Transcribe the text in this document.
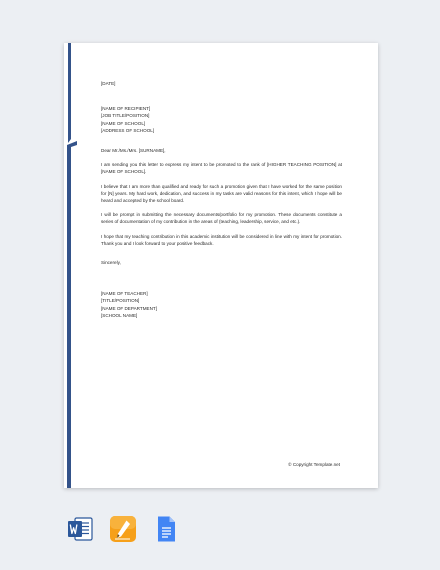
[DATE]
[NAME OF RECIPIENT]
[JOB TITLE/POSITION]
[NAME OF SCHOOL]
[ADDRESS OF SCHOOL]
Dear Mr./Ms./Mrs. [SURNAME],

I am sending you this letter to express my intent to be promoted to the rank of [HIGHER TEACHING POSITION] at [NAME OF SCHOOL].

I believe that I am more than qualified and ready for such a promotion given that I have worked for the same position for [N] years. My hard work, dedication, and success in my tasks are valid reasons for this intent, which I hope will be heard and accepted by the school board.

I will be prompt in submitting the necessary documents/portfolio for my promotion. These documents constitute a series of documentation of my contribution in the areas of (teaching, leadership, service, and etc.).

I hope that my teaching contribution in this academic institution will be considered in line with my intent for promotion. Thank you and I look forward to your positive feedback.

Sincerely,
[NAME OF TEACHER]
[TITLE/POSITION]
[NAME OF DEPARTMENT]
[SCHOOL NAME]
© Copyright Template.net
